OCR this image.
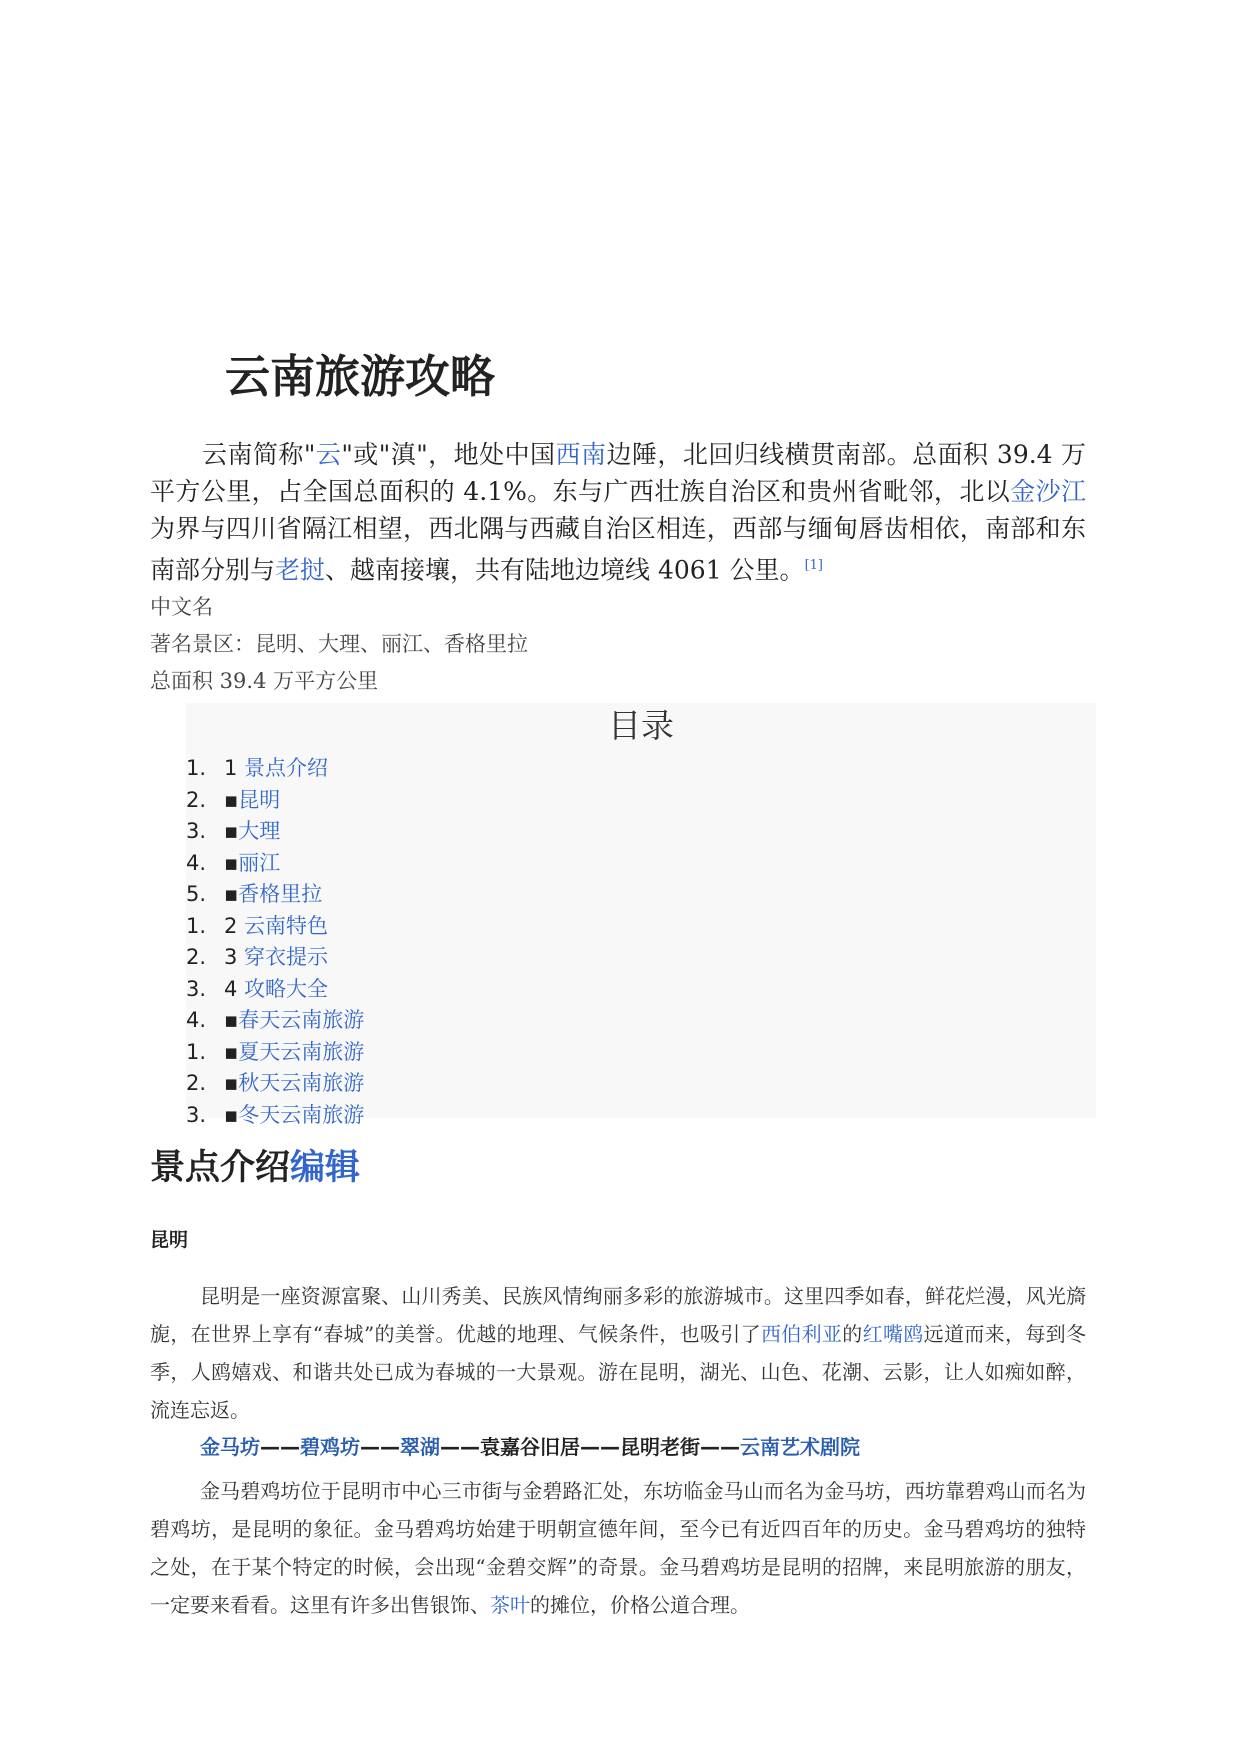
云南旅游攻略

云南简称"云"或"滇"，地处中国西南边陲，北回归线横贯南部。总面积 39.4 万平方公里，占全国总面积的 4.1%。东与广西壮族自治区和贵州省毗邻，北以金沙江为界与四川省隔江相望，西北隅与西藏自治区相连，西部与缅甸唇齿相依，南部和东南部分别与老挝、越南接壤，共有陆地边境线 4061 公里。[1]

中文名

著名景区：昆明、大理、丽江、香格里拉

总面积 39.4 万平方公里

目录

1. 1 景点介绍
2. ▪昆明
3. ▪大理
4. ▪丽江
5. ▪香格里拉
1. 2 云南特色
2. 3 穿衣提示
3. 4 攻略大全
4. ▪春天云南旅游
1. ▪夏天云南旅游
2. ▪秋天云南旅游
3. ▪冬天云南旅游
景点介绍编辑
昆明

昆明是一座资源富聚、山川秀美、民族风情绚丽多彩的旅游城市。这里四季如春，鲜花烂漫，风光旖旎，在世界上享有“春城”的美誉。优越的地理、气候条件，也吸引了西伯利亚的红嘴鸥远道而来，每到冬季，人鸥嬉戏、和谐共处已成为春城的一大景观。游在昆明，湖光、山色、花潮、云影，让人如痴如醉，流连忘返。

金马坊——碧鸡坊——翠湖——袁嘉谷旧居——昆明老街——云南艺术剧院

金马碧鸡坊位于昆明市中心三市街与金碧路汇处，东坊临金马山而名为金马坊，西坊靠碧鸡山而名为碧鸡坊，是昆明的象征。金马碧鸡坊始建于明朝宣德年间，至今已有近四百年的历史。金马碧鸡坊的独特之处，在于某个特定的时候，会出现“金碧交辉”的奇景。金马碧鸡坊是昆明的招牌，来昆明旅游的朋友，一定要来看看。这里有许多出售银饰、茶叶的摊位，价格公道合理。
